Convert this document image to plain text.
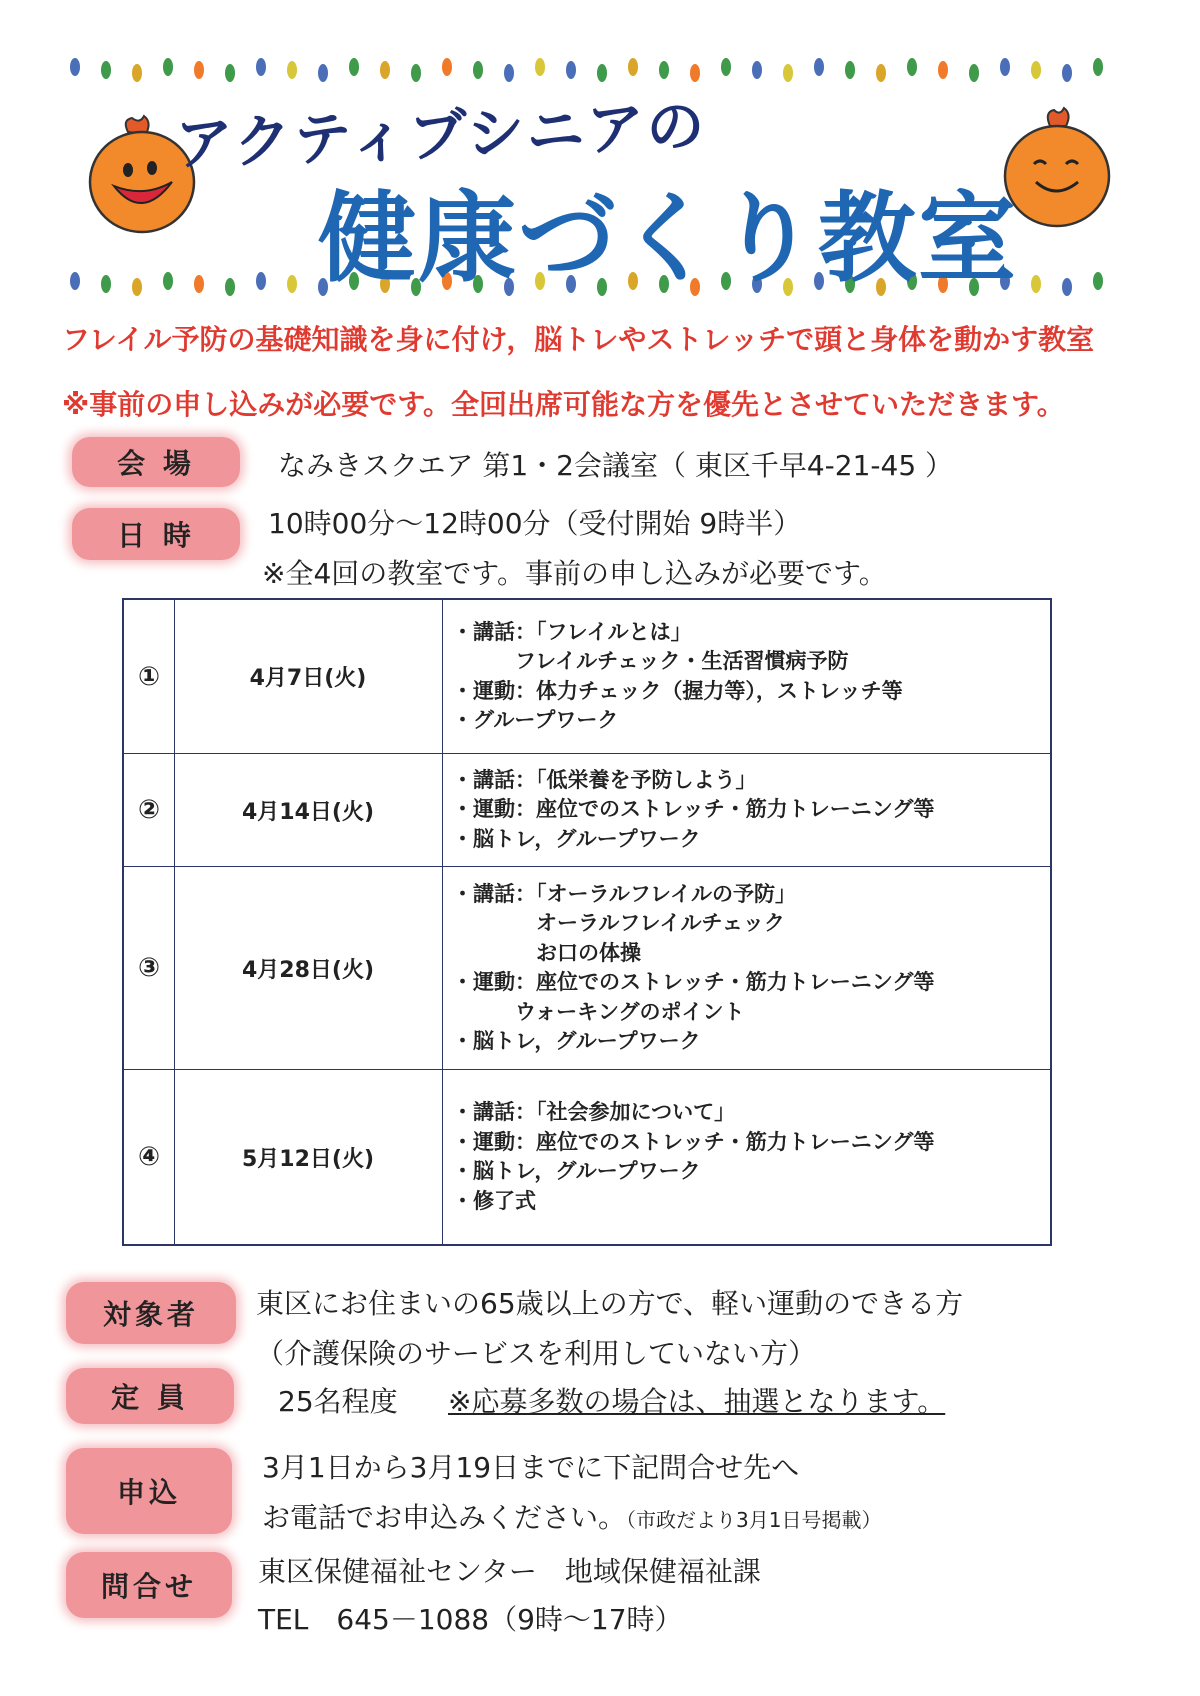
アクティブシニアの
健康づくり教室
フレイル予防の基礎知識を身に付け，脳トレやストレッチで頭と身体を動かす教室
※事前の申し込みが必要です。全回出席可能な方を優先とさせていただきます。
会 場	なみきスクエア 第1・2会議室（ 東区千早4-21-45 ）
日 時	10時00分～12時00分（受付開始 9時半）
※全4回の教室です。事前の申し込みが必要です。
①	4月7日(火)
・講話：「フレイルとは」
　　　フレイルチェック・生活習慣病予防
・運動：体力チェック（握力等），ストレッチ等
・グループワーク
②	4月14日(火)
・講話：「低栄養を予防しよう」
・運動：座位でのストレッチ・筋力トレーニング等
・脳トレ，グループワーク
③	4月28日(火)
・講話：「オーラルフレイルの予防」
　　　　オーラルフレイルチェック
　　　　お口の体操
・運動：座位でのストレッチ・筋力トレーニング等
　　　ウォーキングのポイント
・脳トレ，グループワーク
④	5月12日(火)
・講話：「社会参加について」
・運動：座位でのストレッチ・筋力トレーニング等
・脳トレ，グループワーク
・修了式
対象者	東区にお住まいの65歳以上の方で、軽い運動のできる方
（介護保険のサービスを利用していない方）
定 員	25名程度 ※応募多数の場合は、抽選となります。
申込
3月1日から3月19日までに下記問合せ先へ
お電話でお申込みください。（市政だより3月1日号掲載）
問合せ	東区保健福祉センター　地域保健福祉課
TEL　645－1088（9時～17時）
